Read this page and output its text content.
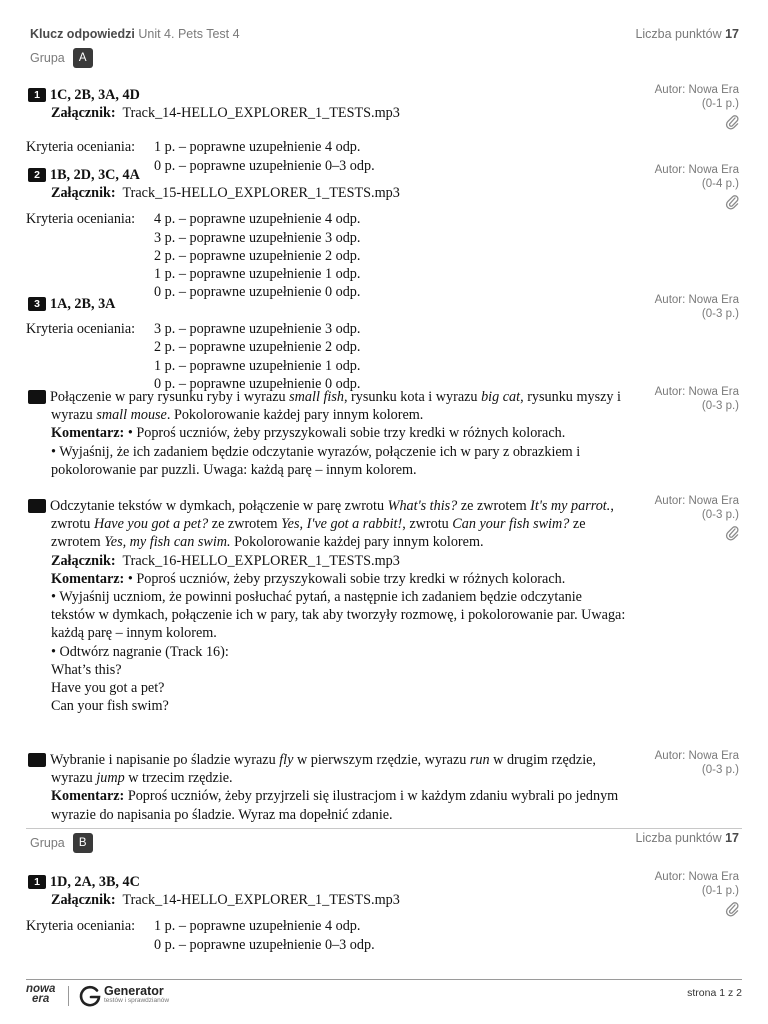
Klucz odpowiedzi Unit 4. Pets Test 4	Liczba punktów 17
Grupa	A
1 1C, 2B, 3A, 4D
Załącznik: Track_14-HELLO_EXPLORER_1_TESTS.mp3
Kryteria oceniania:	1 p. – poprawne uzupełnienie 4 odp.
0 p. – poprawne uzupełnienie 0–3 odp.
Autor: Nowa Era
(0-1 p.)
2 1B, 2D, 3C, 4A
Załącznik: Track_15-HELLO_EXPLORER_1_TESTS.mp3
Kryteria oceniania:	4 p. – poprawne uzupełnienie 4 odp.
3 p. – poprawne uzupełnienie 3 odp.
2 p. – poprawne uzupełnienie 2 odp.
1 p. – poprawne uzupełnienie 1 odp.
0 p. – poprawne uzupełnienie 0 odp.
Autor: Nowa Era
(0-4 p.)
3 1A, 2B, 3A
Kryteria oceniania:	3 p. – poprawne uzupełnienie 3 odp.
2 p. – poprawne uzupełnienie 2 odp.
1 p. – poprawne uzupełnienie 1 odp.
0 p. – poprawne uzupełnienie 0 odp.
Autor: Nowa Era
(0-3 p.)
4 Połączenie w pary rysunku ryby i wyrazu small fish, rysunku kota i wyrazu big cat, rysunku myszy i wyrazu small mouse. Pokolorowanie każdej pary innym kolorem.
Komentarz: • Poproś uczniów, żeby przyszykowali sobie trzy kredki w różnych kolorach.
• Wyjaśnij, że ich zadaniem będzie odczytanie wyrazów, połączenie ich w pary z obrazkiem i pokolorowanie par puzzli. Uwaga: każdą parę – innym kolorem.
Autor: Nowa Era
(0-3 p.)
5 Odczytanie tekstów w dymkach, połączenie w parę zwrotu What's this? ze zwrotem It's my parrot., zwrotu Have you got a pet? ze zwrotem Yes, I've got a rabbit!, zwrotu Can your fish swim? ze zwrotem Yes, my fish can swim. Pokolorowanie każdej pary innym kolorem.
Załącznik: Track_16-HELLO_EXPLORER_1_TESTS.mp3
Komentarz: • Poproś uczniów, żeby przyszykowali sobie trzy kredki w różnych kolorach.
• Wyjaśnij uczniom, że powinni posłuchać pytań, a następnie ich zadaniem będzie odczytanie tekstów w dymkach, połączenie ich w pary, tak aby tworzyły rozmowę, i pokolorowanie par. Uwaga: każdą parę – innym kolorem.
• Odtwórz nagranie (Track 16):
What’s this?
Have you got a pet?
Can your fish swim?
Autor: Nowa Era
(0-3 p.)
6 Wybranie i napisanie po śladzie wyrazu fly w pierwszym rzędzie, wyrazu run w drugim rzędzie, wyrazu jump w trzecim rzędzie.
Komentarz: Poproś uczniów, żeby przyjrzeli się ilustracjom i w każdym zdaniu wybrali po jednym wyrazie do napisania po śladzie. Wyraz ma dopełnić zdanie.
Autor: Nowa Era
(0-3 p.)
Grupa	B	Liczba punktów 17
1 1D, 2A, 3B, 4C
Załącznik: Track_14-HELLO_EXPLORER_1_TESTS.mp3
Kryteria oceniania:	1 p. – poprawne uzupełnienie 4 odp.
0 p. – poprawne uzupełnienie 0–3 odp.
Autor: Nowa Era
(0-1 p.)
nowa
era
Generator
testów i sprawdzianów
strona 1 z 2
